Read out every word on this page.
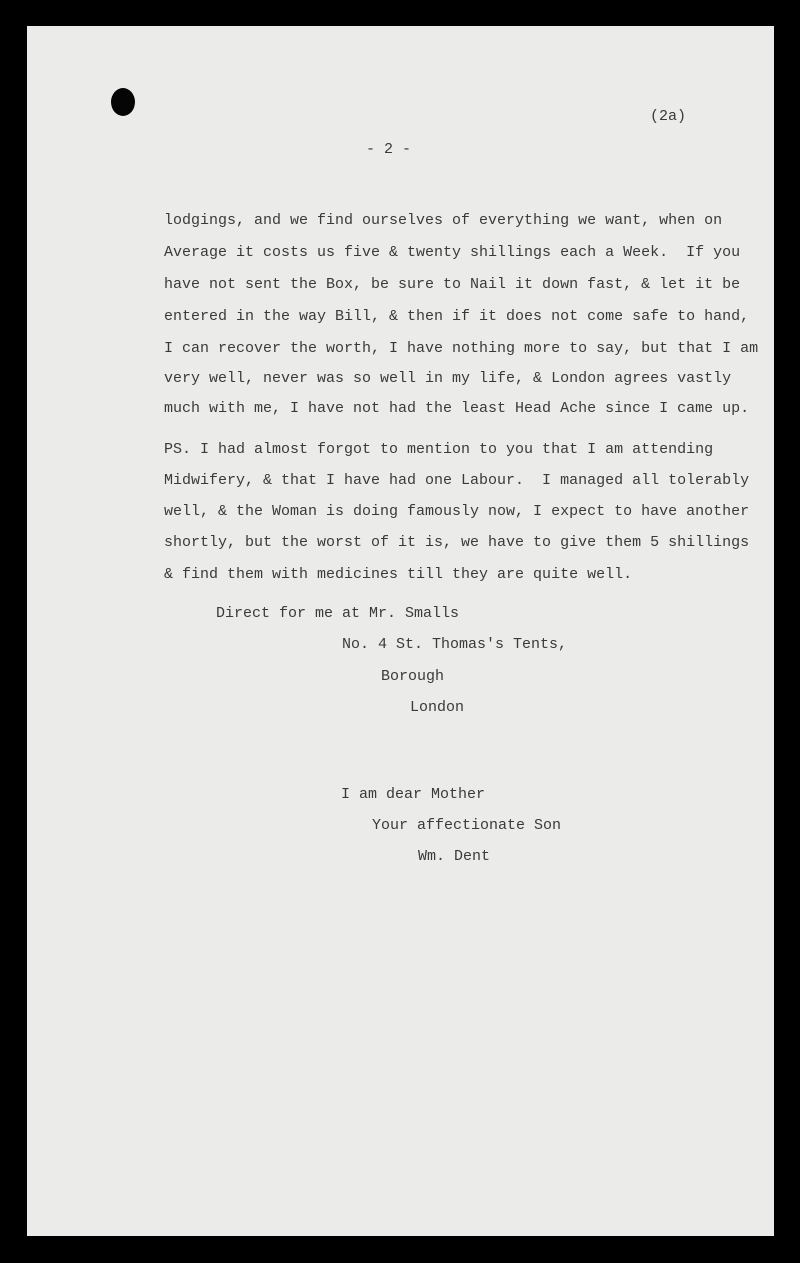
(2a)
- 2 -
lodgings, and we find ourselves of everything we want, when on
Average it costs us five & twenty shillings each a Week.  If you
have not sent the Box, be sure to Nail it down fast, & let it be
entered in the way Bill, & then if it does not come safe to hand,
I can recover the worth, I have nothing more to say, but that I am
very well, never was so well in my life, & London agrees vastly
much with me, I have not had the least Head Ache since I came up.
PS. I had almost forgot to mention to you that I am attending
Midwifery, & that I have had one Labour.  I managed all tolerably
well, & the Woman is doing famously now, I expect to have another
shortly, but the worst of it is, we have to give them 5 shillings
& find them with medicines till they are quite well.
Direct for me at Mr. Smalls
No. 4 St. Thomas's Tents,
Borough
London
I am dear Mother
Your affectionate Son
Wm. Dent
